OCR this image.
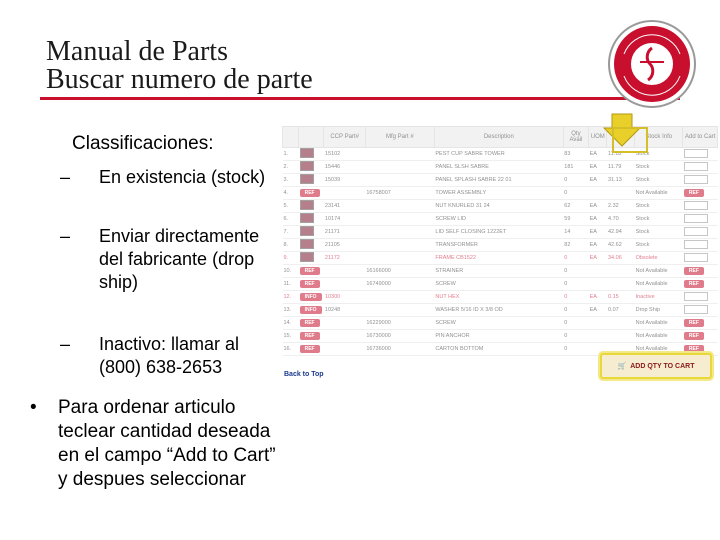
Manual de Parts
Buscar numero de parte
Classificaciones:
– En existencia (stock)
– Enviar directamente del fabricante (drop ship)
– Inactivo: llamar al (800) 638-2653
• Para ordenar articulo teclear cantidad deseada en el campo “Add to Cart” y despues seleccionar
		CCP Part#	Mfg Part #	Description	Qty Avail	UOM		Stock Info	Add to Cart
1.		15102		PEST CUP SABRE TOWER	83	EA	11.18	Stock	
2.		15446		PANEL SLSH SABRE	181	EA	11.79	Stock	
3.		15039		PANEL SPLASH SABRE 22 01	0	EA	31.13	Stock	
4.	REF		16758007	TOWER ASSEMBLY	0			Not Available	REF
5.		23141		NUT KNURLED 31 24	62	EA	2.32	Stock	
6.		10174		SCREW LID	59	EA	4.70	Stock	
7.		21171		LID SELF CLOSING 1222ET	14	EA	42.94	Stock	
8.		21105		TRANSFORMER	82	EA	42.62	Stock	
9.		21172		FRAME CB1522	0	EA	34.06	Obsolete	
10.	REF		16166000	STRAINER	0			Not Available	REF
11.	REF		16749000	SCREW	0			Not Available	REF
12.	INFO	10300		NUT HEX	0	EA	0.15	Inactive	
13.	INFO	10248		WASHER 5/16 ID X 3/8 OD	0	EA	0.07	Drop Ship	
14.	REF		16229000	SCREW	0			Not Available	REF
15.	REF		16730000	PIN ANCHOR	0			Not Available	REF
16.	REF		16736000	CARTON BOTTOM	0			Not Available	REF
Back to Top
🛒 ADD QTY TO CART
